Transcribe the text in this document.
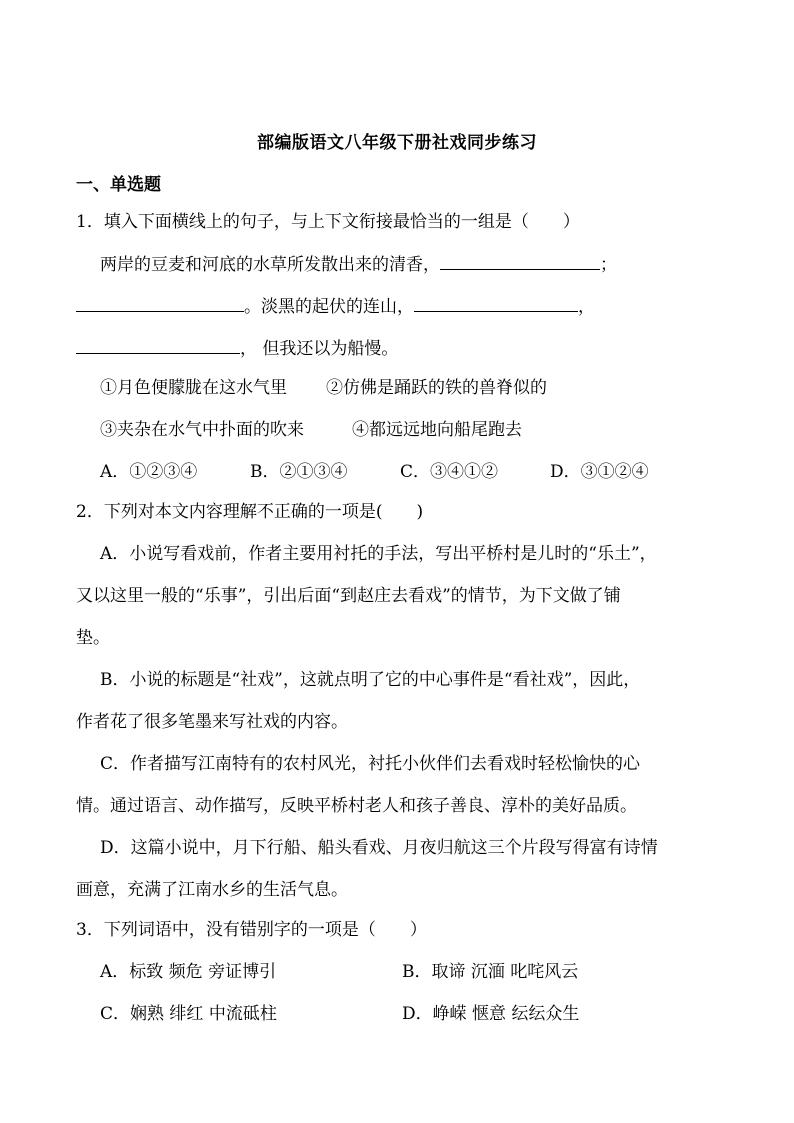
部编版语文八年级下册社戏同步练习
一、单选题
1．填入下面横线上的句子，与上下文衔接最恰当的一组是（　　）
两岸的豆麦和河底的水草所发散出来的清香，	；
。淡黑的起伏的连山，	，
， 但我还以为船慢。
①月色便朦胧在这水气里 ②仿佛是踊跃的铁的兽脊似的
③夹杂在水气中扑面的吹来	④都远远地向船尾跑去
A．①②③④	B．②①③④	C．③④①②	D．③①②④
2．下列对本文内容理解不正确的一项是(　　)
A．小说写看戏前，作者主要用衬托的手法，写出平桥村是儿时的“乐土”，
又以这里一般的“乐事”，引出后面“到赵庄去看戏”的情节，为下文做了铺
垫。
B．小说的标题是“社戏”，这就点明了它的中心事件是“看社戏”，因此，
作者花了很多笔墨来写社戏的内容。
C．作者描写江南特有的农村风光，衬托小伙伴们去看戏时轻松愉快的心
情。通过语言、动作描写，反映平桥村老人和孩子善良、淳朴的美好品质。
D．这篇小说中，月下行船、船头看戏、月夜归航这三个片段写得富有诗情
画意，充满了江南水乡的生活气息。
3．下列词语中，没有错别字的一项是（　　）
A．标致 频危 旁证博引	B．取谛 沉湎 叱咤风云
C．娴熟 绯红 中流砥柱	D．峥嵘 惬意 纭纭众生
